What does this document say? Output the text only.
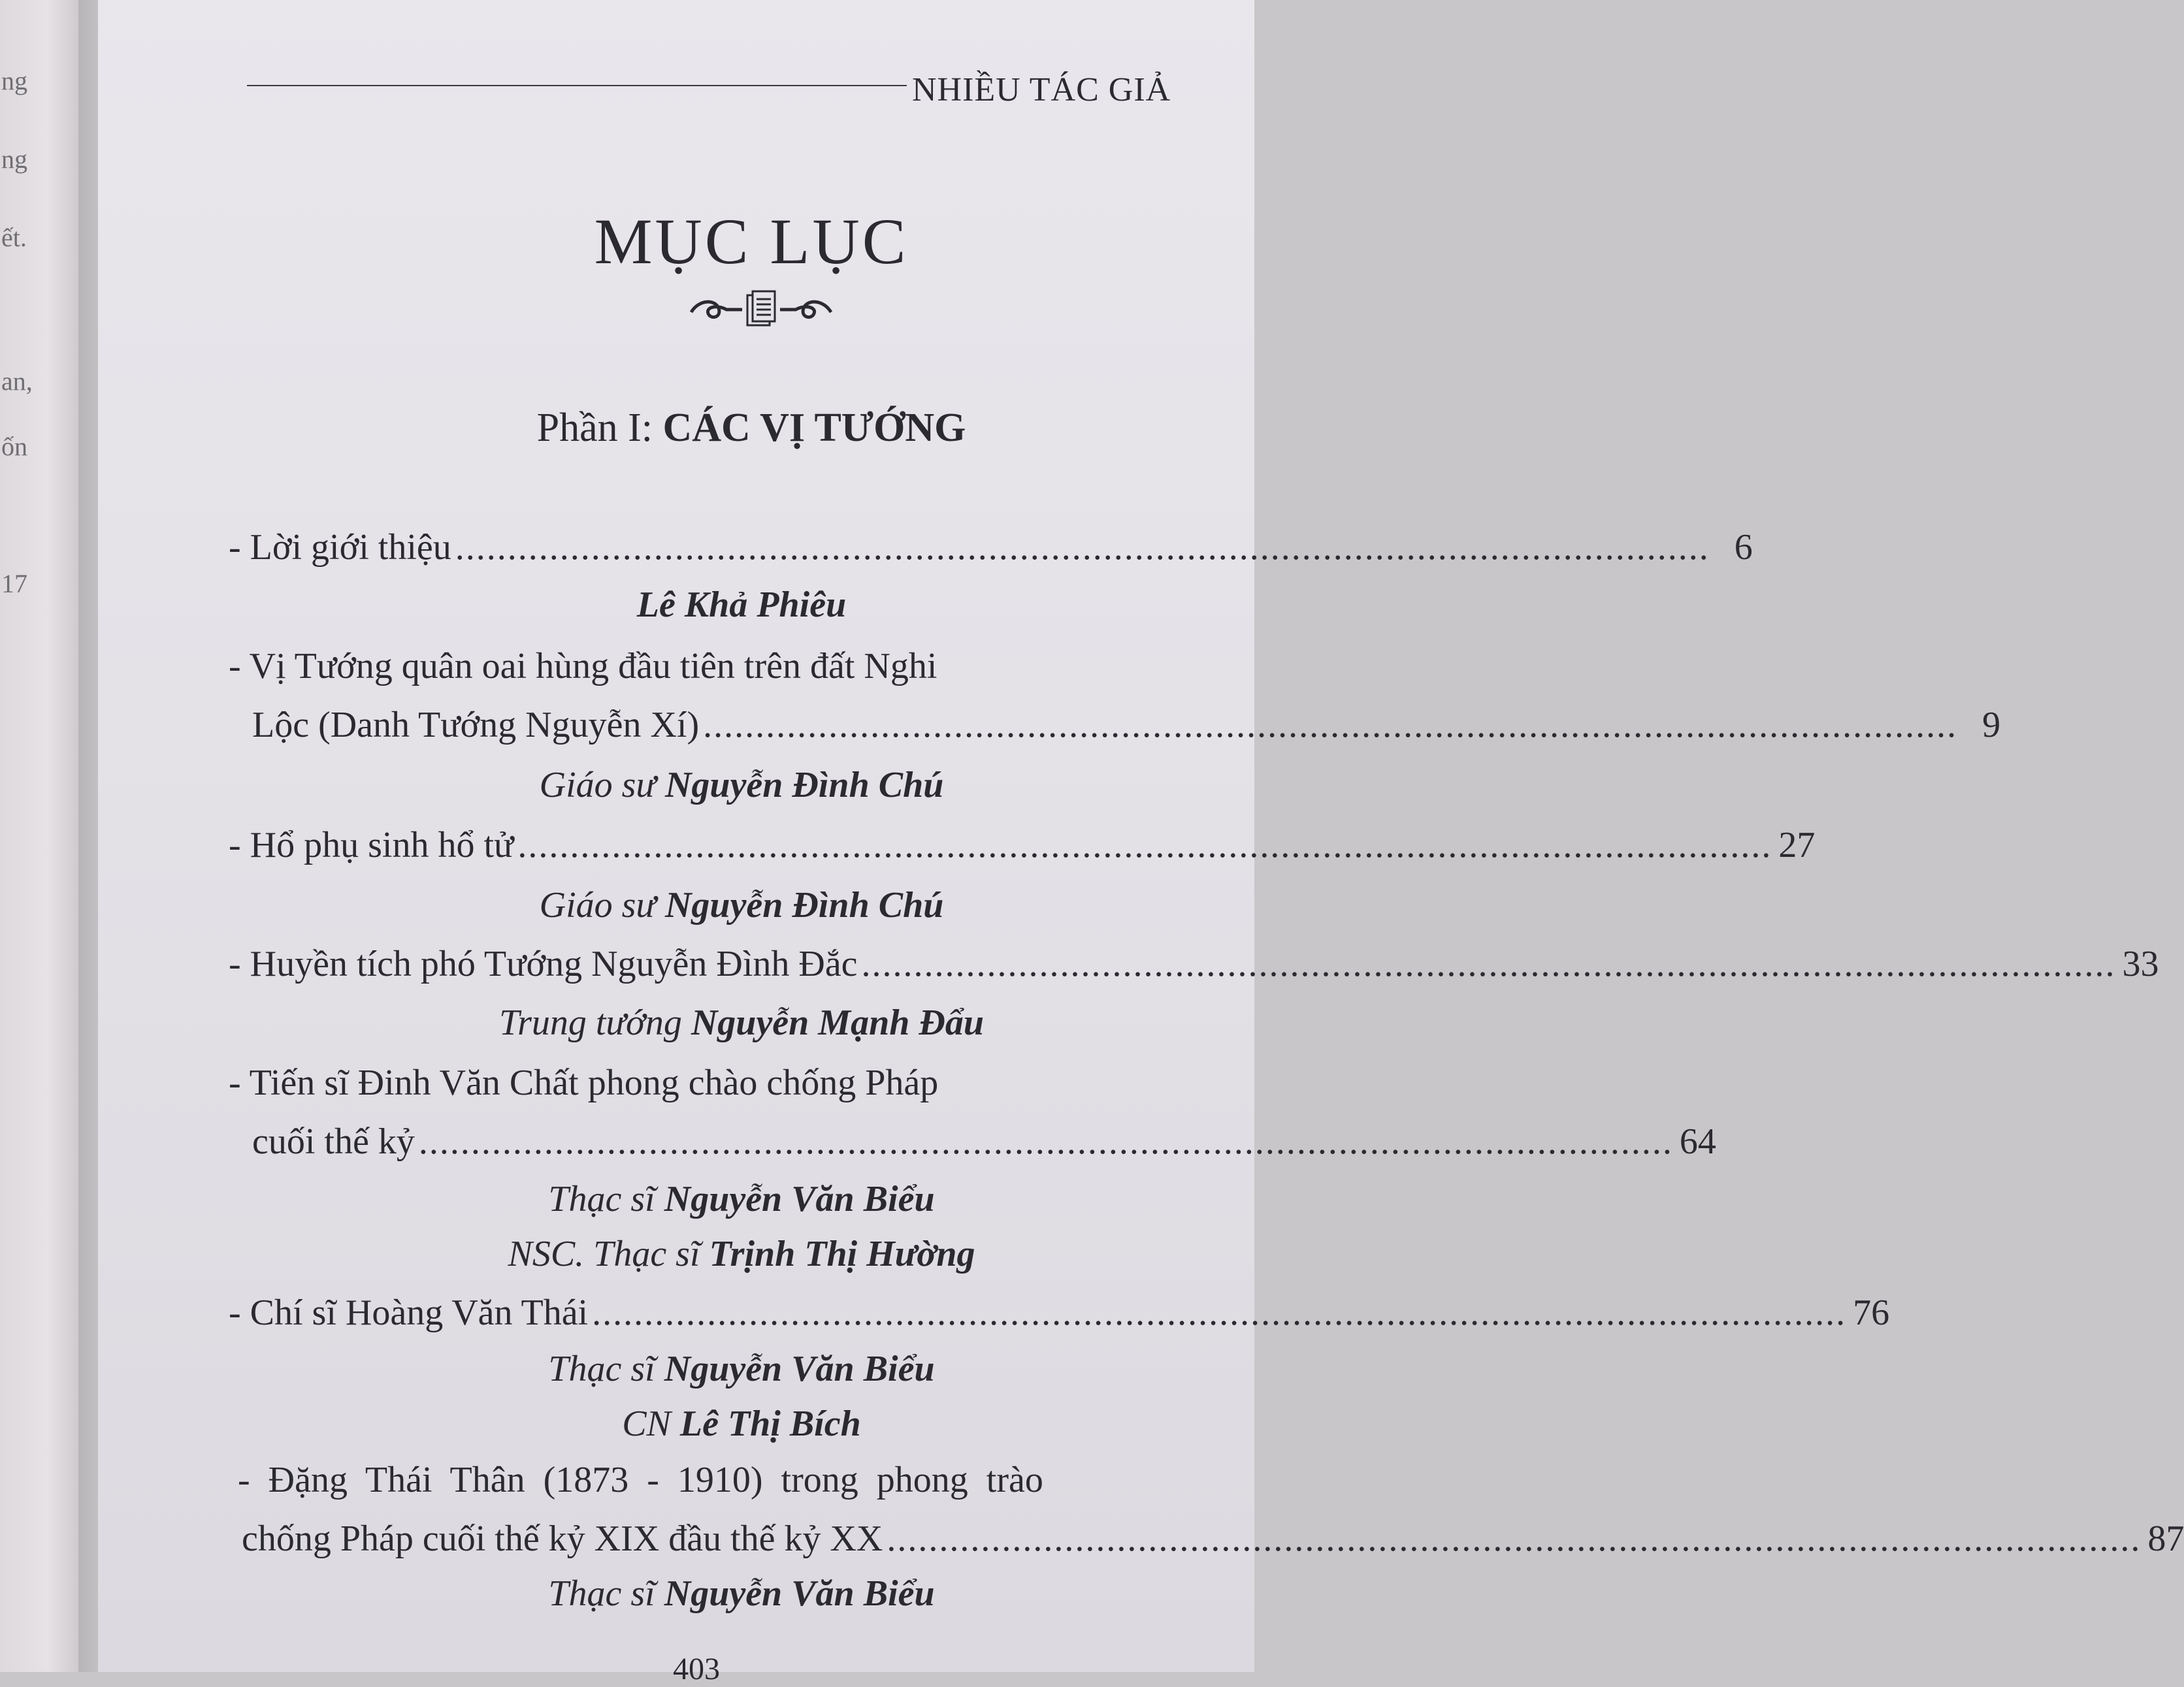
ng
ng
ết.
an,
ốn
17
NHIỀU TÁC GIẢ
MỤC LỤC
Phần I: CÁC VỊ TƯỚNG
- Lời giới thiệu ........................................................................................................................ 6
Lê Khả Phiêu
- Vị Tướng quân oai hùng đầu tiên trên đất Nghi
Lộc (Danh Tướng Nguyễn Xí) ........................................................................................................................ 9
Giáo sư Nguyễn Đình Chú
- Hổ phụ sinh hổ tử ........................................................................................................................ 27
Giáo sư Nguyễn Đình Chú
- Huyền tích phó Tướng Nguyễn Đình Đắc ........................................................................................................................ 33
Trung tướng Nguyễn Mạnh Đẩu
- Tiến sĩ Đinh Văn Chất phong chào chống Pháp
cuối thế kỷ ........................................................................................................................ 64
Thạc sĩ Nguyễn Văn Biểu
NSC. Thạc sĩ Trịnh Thị Hường
- Chí sĩ Hoàng Văn Thái ........................................................................................................................ 76
Thạc sĩ Nguyễn Văn Biểu
CN Lê Thị Bích
- Đặng Thái Thân (1873 - 1910) trong phong trào
chống Pháp cuối thế kỷ XIX đầu thế kỷ XX ........................................................................................................................ 87
Thạc sĩ Nguyễn Văn Biểu
403
